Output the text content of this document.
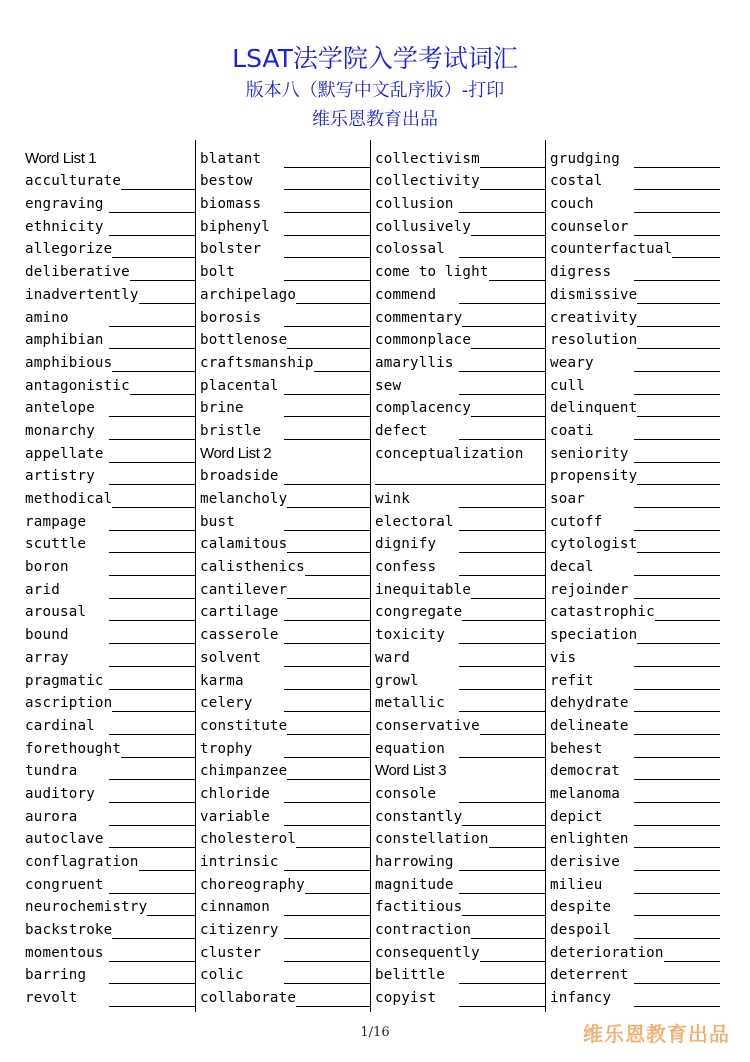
LSAT法学院入学考试词汇
版本八（默写中文乱序版）-打印
维乐恩教育出品
Word List 1
acculturate
engraving
ethnicity
allegorize
deliberative
inadvertently
amino
amphibian
amphibious
antagonistic
antelope
monarchy
appellate
artistry
methodical
rampage
scuttle
boron
arid
arousal
bound
array
pragmatic
ascription
cardinal
forethought
tundra
auditory
aurora
autoclave
conflagration
congruent
neurochemistry
backstroke
momentous
barring
revolt
blatant
bestow
biomass
biphenyl
bolster
bolt
archipelago
borosis
bottlenose
craftsmanship
placental
brine
bristle
Word List 2
broadside
melancholy
bust
calamitous
calisthenics
cantilever
cartilage
casserole
solvent
karma
celery
constitute
trophy
chimpanzee
chloride
variable
cholesterol
intrinsic
choreography
cinnamon
citizenry
cluster
colic
collaborate
collectivism
collectivity
collusion
collusively
colossal
come to light
commend
commentary
commonplace
amaryllis
sew
complacency
defect
conceptualization
wink
electoral
dignify
confess
inequitable
congregate
toxicity
ward
growl
metallic
conservative
equation
Word List 3
console
constantly
constellation
harrowing
magnitude
factitious
contraction
consequently
belittle
copyist
grudging
costal
couch
counselor
counterfactual
digress
dismissive
creativity
resolution
weary
cull
delinquent
coati
seniority
propensity
soar
cutoff
cytologist
decal
rejoinder
catastrophic
speciation
vis
refit
dehydrate
delineate
behest
democrat
melanoma
depict
enlighten
derisive
milieu
despite
despoil
deterioration
deterrent
infancy
1/16	维乐恩教育出品
